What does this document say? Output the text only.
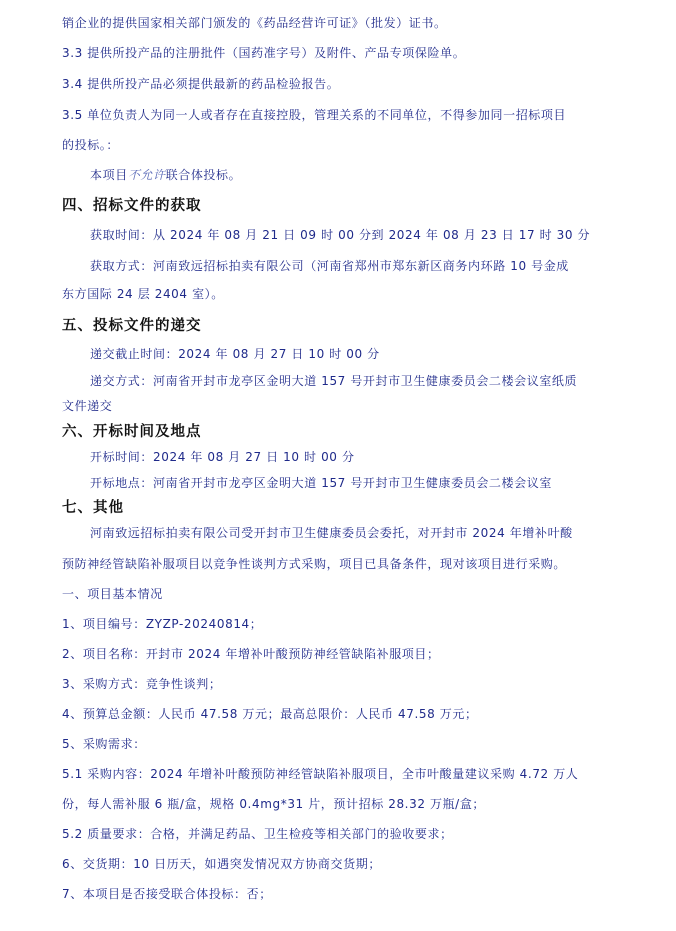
销企业的提供国家相关部门颁发的《药品经营许可证》（批发）证书。
3.3 提供所投产品的注册批件（国药准字号）及附件、产品专项保险单。
3.4 提供所投产品必须提供最新的药品检验报告。
3.5 单位负责人为同一人或者存在直接控股，管理关系的不同单位，不得参加同一招标项目
的投标。：
本项目不允许联合体投标。
四、招标文件的获取
获取时间：从 2024 年 08 月 21 日 09 时 00 分到 2024 年 08 月 23 日 17 时 30 分
获取方式：河南致远招标拍卖有限公司（河南省郑州市郑东新区商务内环路 10 号金成
东方国际 24 层 2404 室）。
五、投标文件的递交
递交截止时间：2024 年 08 月 27 日 10 时 00 分
递交方式：河南省开封市龙亭区金明大道 157 号开封市卫生健康委员会二楼会议室纸质
文件递交
六、开标时间及地点
开标时间：2024 年 08 月 27 日 10 时 00 分
开标地点：河南省开封市龙亭区金明大道 157 号开封市卫生健康委员会二楼会议室
七、其他
河南致远招标拍卖有限公司受开封市卫生健康委员会委托，对开封市 2024 年增补叶酸
预防神经管缺陷补服项目以竞争性谈判方式采购，项目已具备条件，现对该项目进行采购。
一、项目基本情况
1、项目编号：ZYZP-20240814；
2、项目名称：开封市 2024 年增补叶酸预防神经管缺陷补服项目；
3、采购方式：竞争性谈判；
4、预算总金额：人民币 47.58 万元；最高总限价：人民币 47.58 万元；
5、采购需求：
5.1 采购内容：2024 年增补叶酸预防神经管缺陷补服项目，全市叶酸量建议采购 4.72 万人
份，每人需补服 6 瓶/盒，规格 0.4mg*31 片，预计招标 28.32 万瓶/盒；
5.2 质量要求：合格，并满足药品、卫生检疫等相关部门的验收要求；
6、交货期：10 日历天，如遇突发情况双方协商交货期；
7、本项目是否接受联合体投标：否；
